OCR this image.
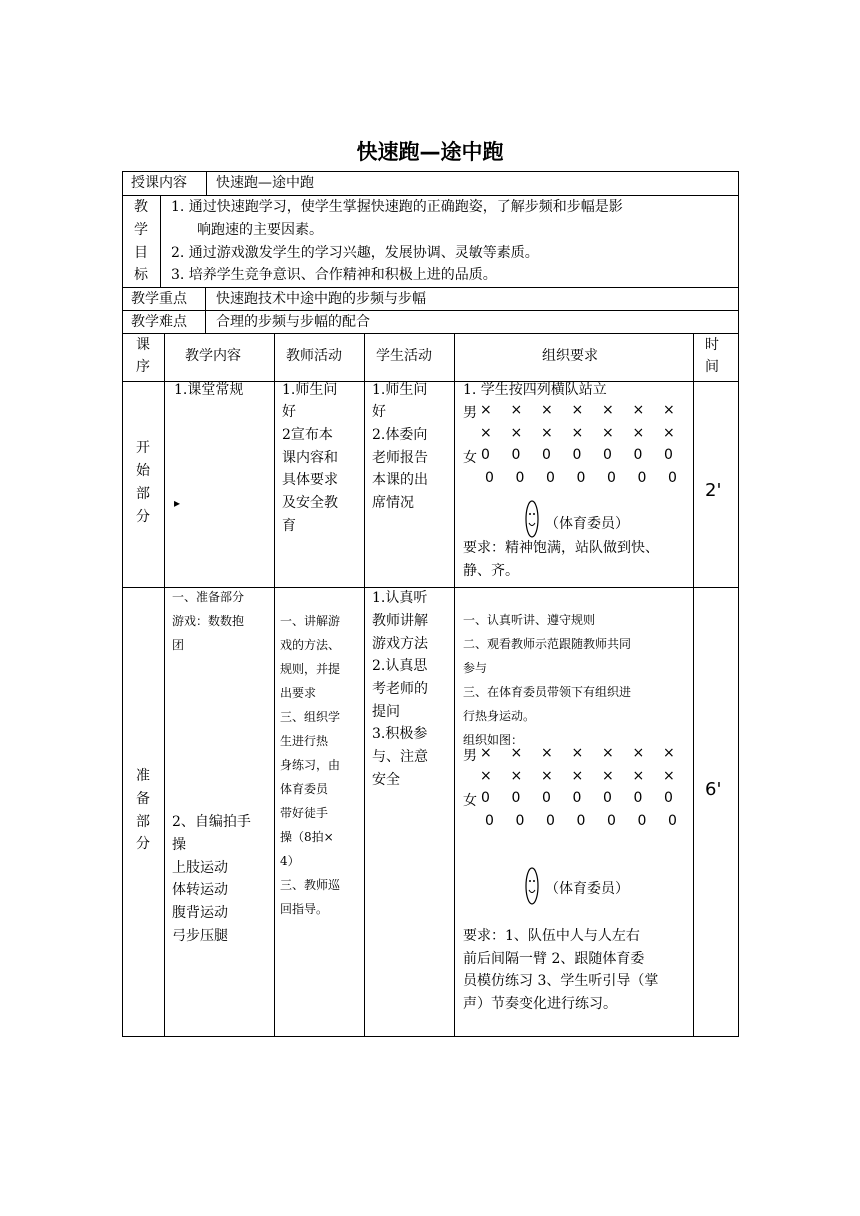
快速跑—途中跑
授课内容 快速跑—途中跑
教
学
目
标
1. 通过快速跑学习，使学生掌握快速跑的正确跑姿，了解步频和步幅是影
响跑速的主要因素。
2. 通过游戏激发学生的学习兴趣，发展协调、灵敏等素质。
3. 培养学生竞争意识、合作精神和积极上进的品质。
教学重点 快速跑技术中途中跑的步频与步幅
教学难点 合理的步频与步幅的配合
课
序
教学内容	教师活动 学生活动	组织要求
时
间
开
始
部
分
1.课堂常规
▸
1.师生问
好
2宣布本
课内容和
具体要求
及安全教
育
1.师生问
好
2.体委向
老师报告
本课的出
席情况
1. 学生按四列横队站立
男 × × × × × × ×
× × × × × × ×
女 0 0 0 0 0 0 0
0 0 0 0 0 0 0
（体育委员）
要求：精神饱满，站队做到快、
静、齐。
2'
准
备
部
分
一、准备部分
游戏：数数抱
团
2、自编拍手
操
上肢运动
体转运动
腹背运动
弓步压腿
一、讲解游
戏的方法、
规则，并提
出要求
三、组织学
生进行热
身练习，由
体育委员
带好徒手
操（8拍×
4）
三、教师巡
回指导。
1.认真听
教师讲解
游戏方法
2.认真思
考老师的
提问
3.积极参
与、注意
安全
一、认真听讲、遵守规则
二、观看教师示范跟随教师共同
参与
三、在体育委员带领下有组织进
行热身运动。
组织如图：
男 × × × × × × ×
× × × × × × ×
女 0 0 0 0 0 0 0
0 0 0 0 0 0 0
（体育委员）
要求：1、队伍中人与人左右
前后间隔一臂 2、跟随体育委
员模仿练习 3、学生听引导（掌
声）节奏变化进行练习。
6'
